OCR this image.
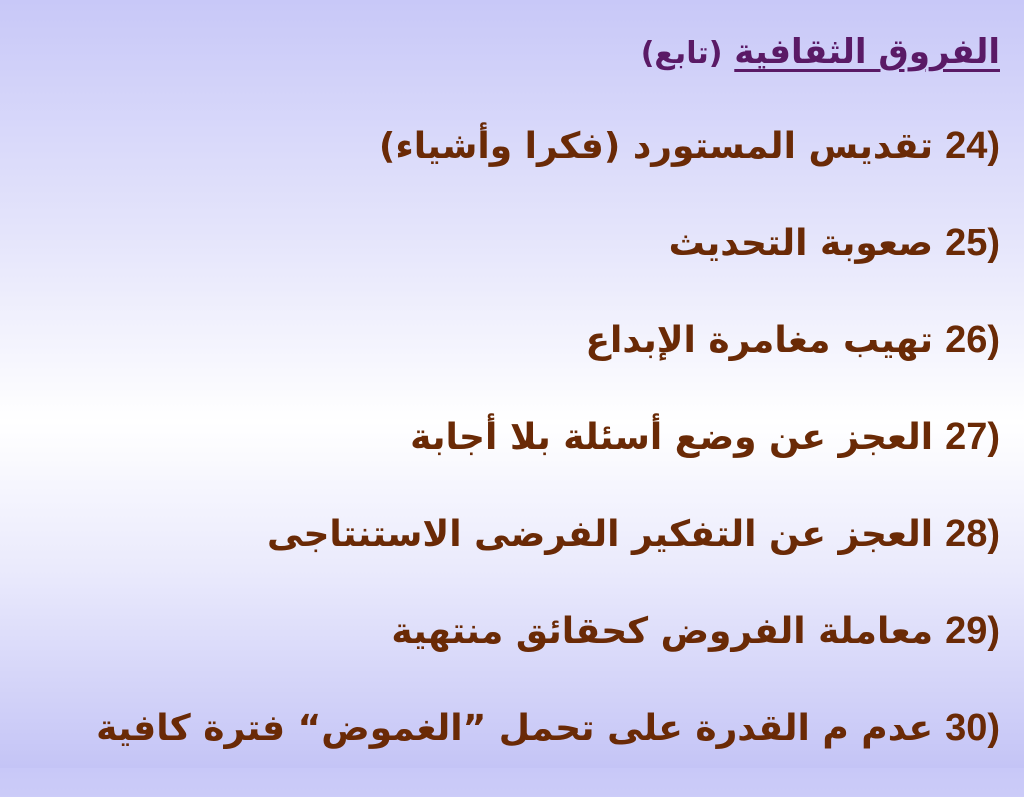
الفروق الثقافية (تابع)
24)تقديس المستورد (فكرا وأشياء)
25)صعوبة التحديث
26)تهيب مغامرة الإبداع
27)العجز عن وضع أسئلة بلا أجابة
28)العجز عن التفكير الفرضى الاستنتاجى
29)معاملة الفروض كحقائق منتهية
30)عدم م القدرة على تحمل ”الغموض“ فترة كافية
